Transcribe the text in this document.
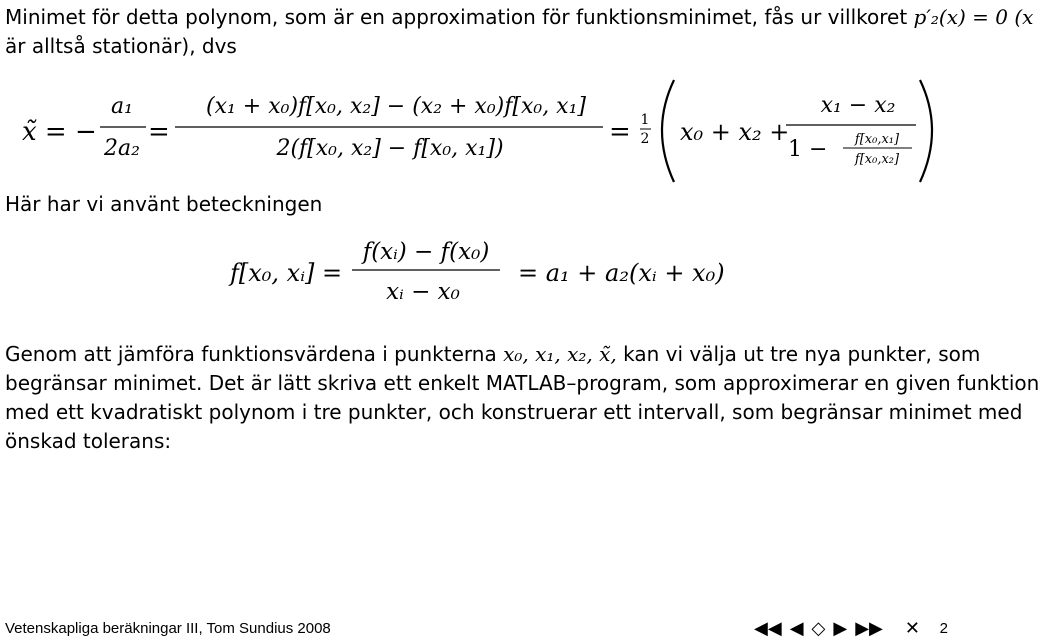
Minimet för detta polynom, som är en approximation för funktionsminimet, fås ur villkoret p′₂(x) = 0 (x
är alltså stationär), dvs
x̃ = −
a₁
2a₂
=
(x₁ + x₀)f[x₀, x₂] − (x₂ + x₀)f[x₀, x₁]
2(f[x₀, x₂] − f[x₀, x₁])
= 1
2 x₀ + x₂ +
x₁ − x₂
1 − f[x₀,x₁]
f[x₀,x₂]
Här har vi använt beteckningen
f[x₀, xᵢ] =
f(xᵢ) − f(x₀)
xᵢ − x₀
= a₁ + a₂(xᵢ + x₀)
Genom att jämföra funktionsvärdena i punkterna x₀, x₁, x₂, x̃, kan vi välja ut tre nya punkter, som
begränsar minimet. Det är lätt skriva ett enkelt MATLAB–program, som approximerar en given funktion
med ett kvadratiskt polynom i tre punkter, och konstruerar ett intervall, som begränsar minimet med
önskad tolerans:
Vetenskapliga beräkningar III, Tom Sundius 2008	◀◀ ◀ ◇ ▶ ▶▶ ✕ 2
